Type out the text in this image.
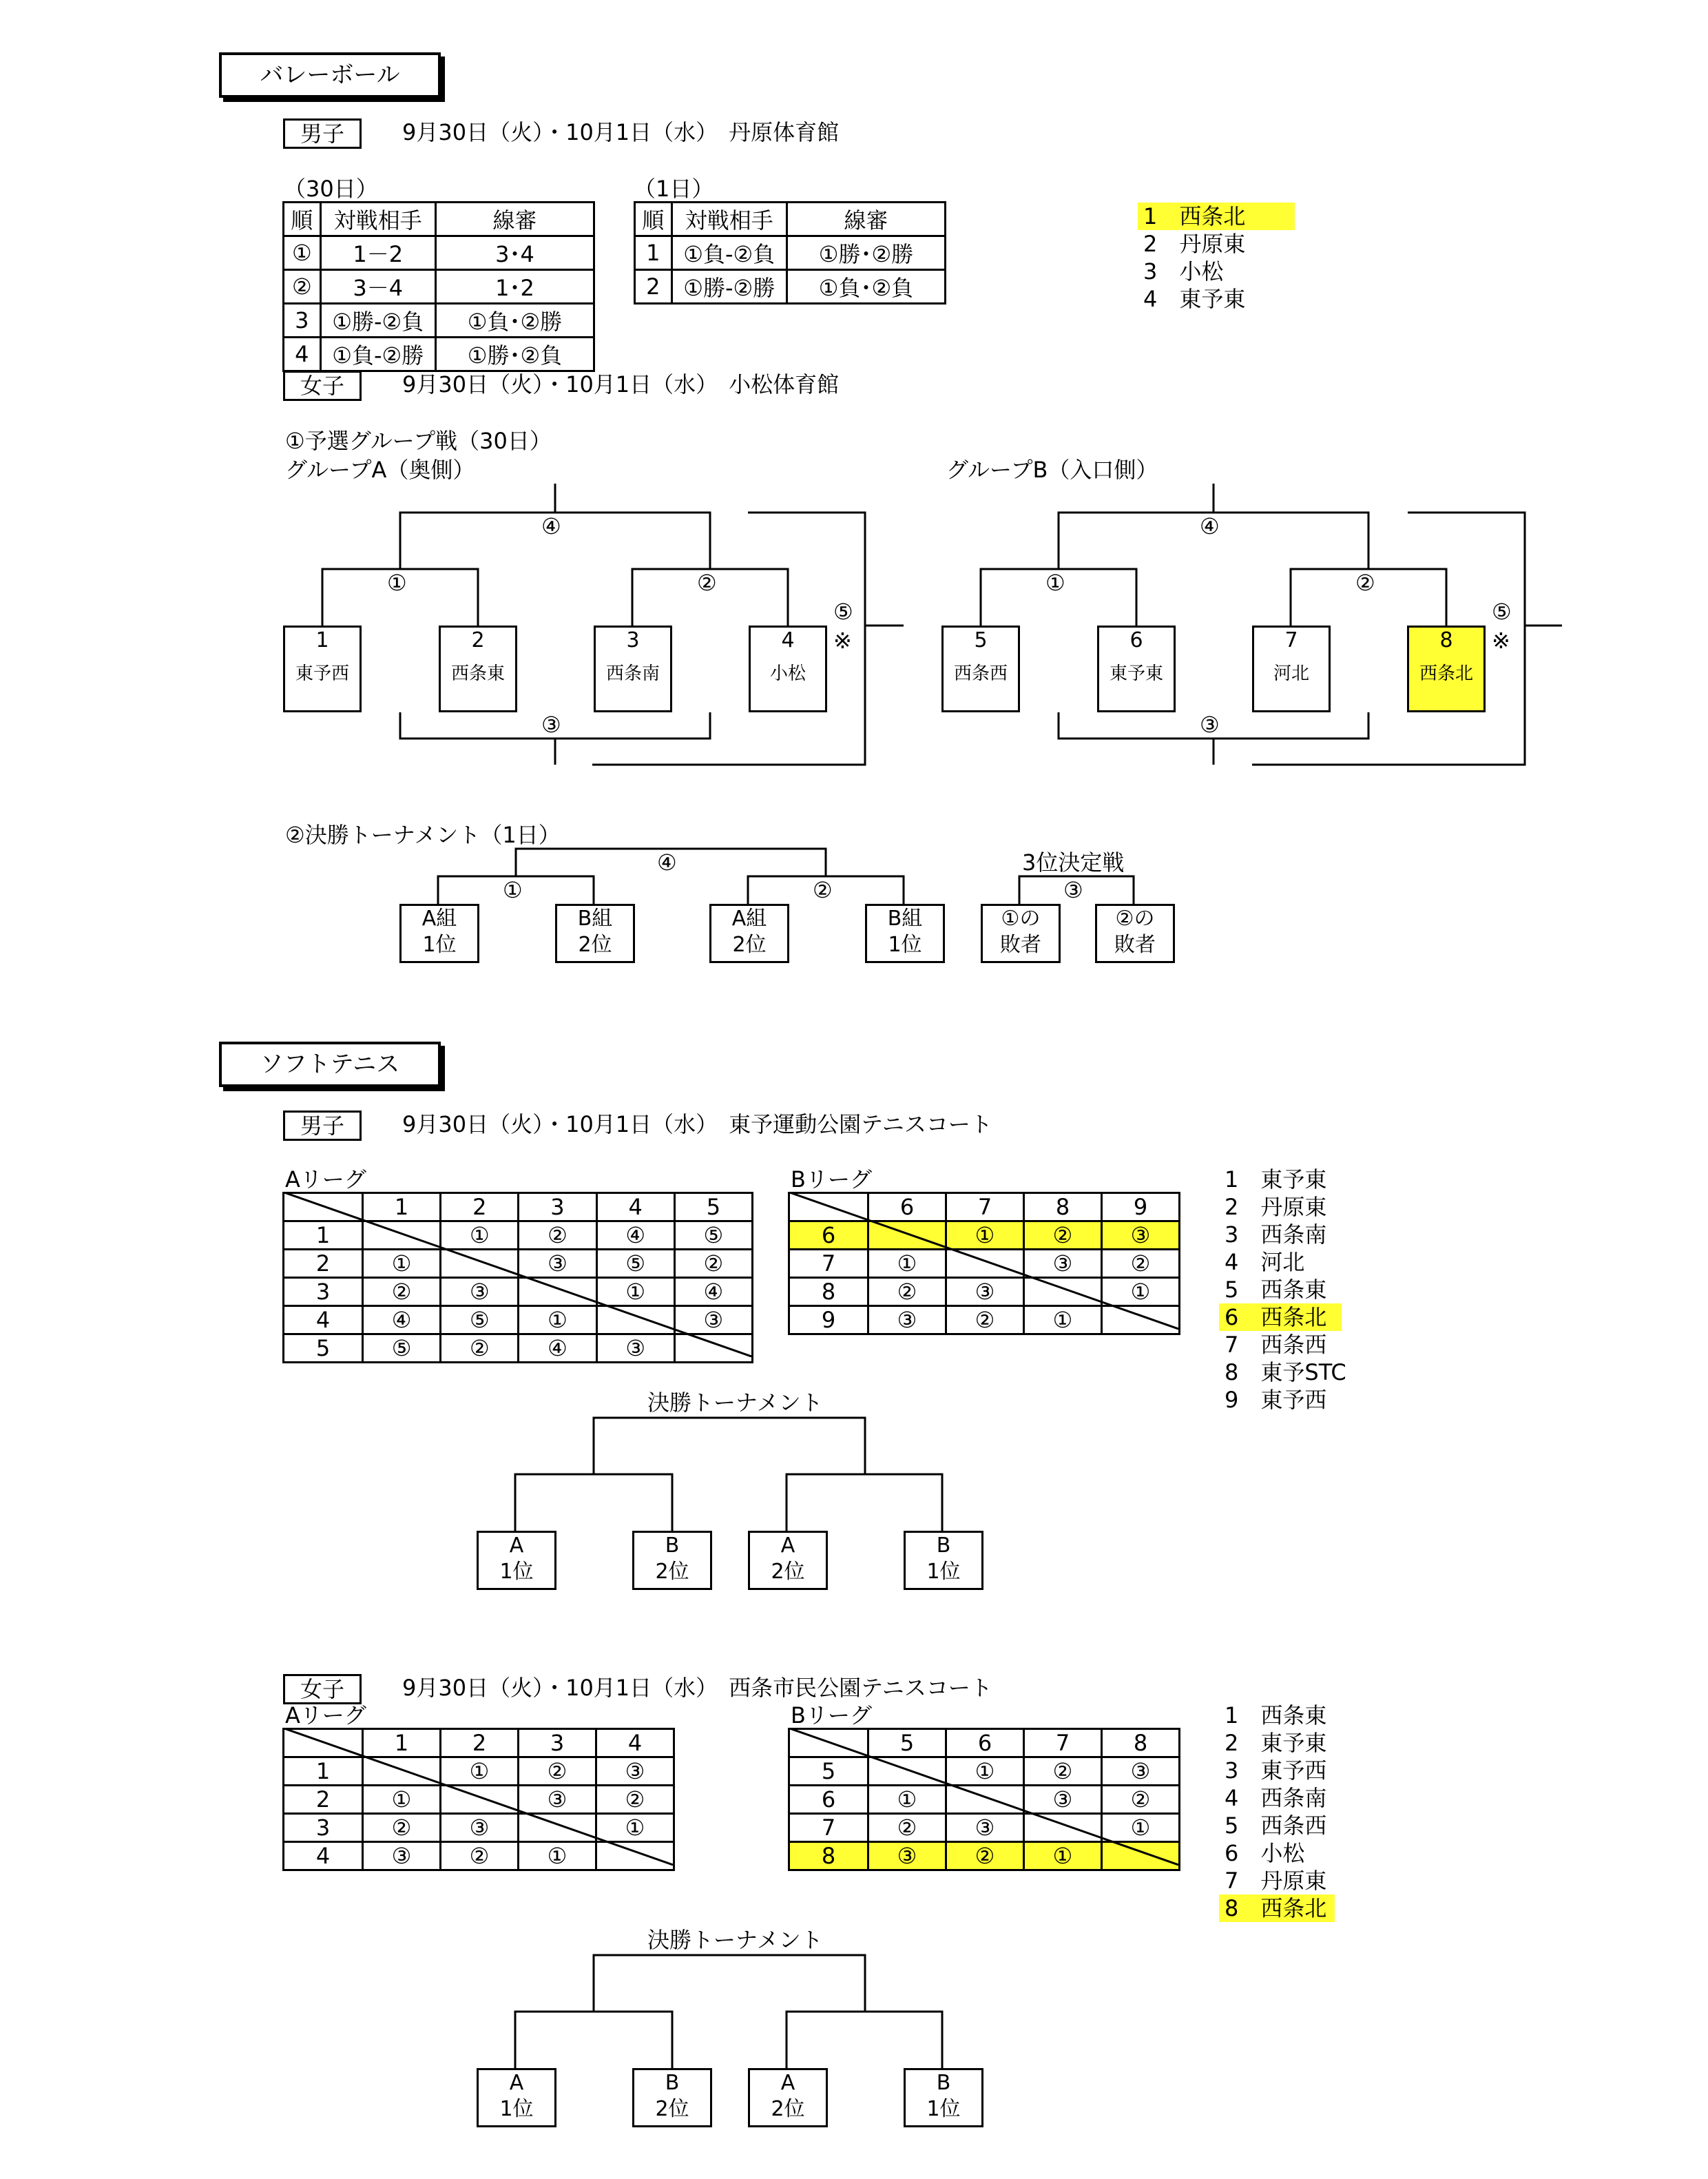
バレーボール
男子	9月30日（火）・10月1日（水）　丹原体育館
（30日）
順	対戦相手	線審
①	1－2	3･4
②	3－4	1･2
3	①勝-②負	①負･②勝
4	①負-②勝	①勝･②負
（1日）
順	対戦相手	線審
1	①負-②負	①勝･②勝
2	①勝-②勝	①負･②負
1　 西条北
2　 丹原東
3　 小松
4　 東予東
女子	9月30日（火）・10月1日（水）　小松体育館
①予選グループ戦（30日）
グループA（奥側）	グループB（入口側）
④
①	②
⑤
※
③
1
東予西
2
西条東
3
西条南
4
小松
④
①	②
⑤
※
③
5
西条西
6
東予東
7
河北
8
西条北
②決勝トーナメント（1日）
④
①	②
A組
1位
B組
2位
A組
2位
B組
1位
3位決定戦
③
①の
敗者
②の
敗者
ソフトテニス
男子	9月30日（火）・10月1日（水）　東予運動公園テニスコート
Aリーグ
	1	2	3	4	5
1		①	②	④	⑤
2	①		③	⑤	②
3	②	③		①	④
4	④	⑤	①		③
5	⑤	②	④	③	
Bリーグ
	6	7	8	9
6		①	②	③
7	①		③	②
8	②	③		①
9	③	②	①	
1　 東予東
2　 丹原東
3　 西条南
4　 河北
5　 西条東
6　 西条北
7　 西条西
8　 東予STC
9　 東予西
決勝トーナメント
A
1位
B
2位
A
2位
B
1位
女子	9月30日（火）・10月1日（水）　西条市民公園テニスコート
Aリーグ
	1	2	3	4
1		①	②	③
2	①		③	②
3	②	③		①
4	③	②	①	
Bリーグ
	5	6	7	8
5		①	②	③
6	①		③	②
7	②	③		①
8	③	②	①	
1　 西条東
2　 東予東
3　 東予西
4　 西条南
5　 西条西
6　 小松
7　 丹原東
8　 西条北
決勝トーナメント
A
1位
B
2位
A
2位
B
1位
